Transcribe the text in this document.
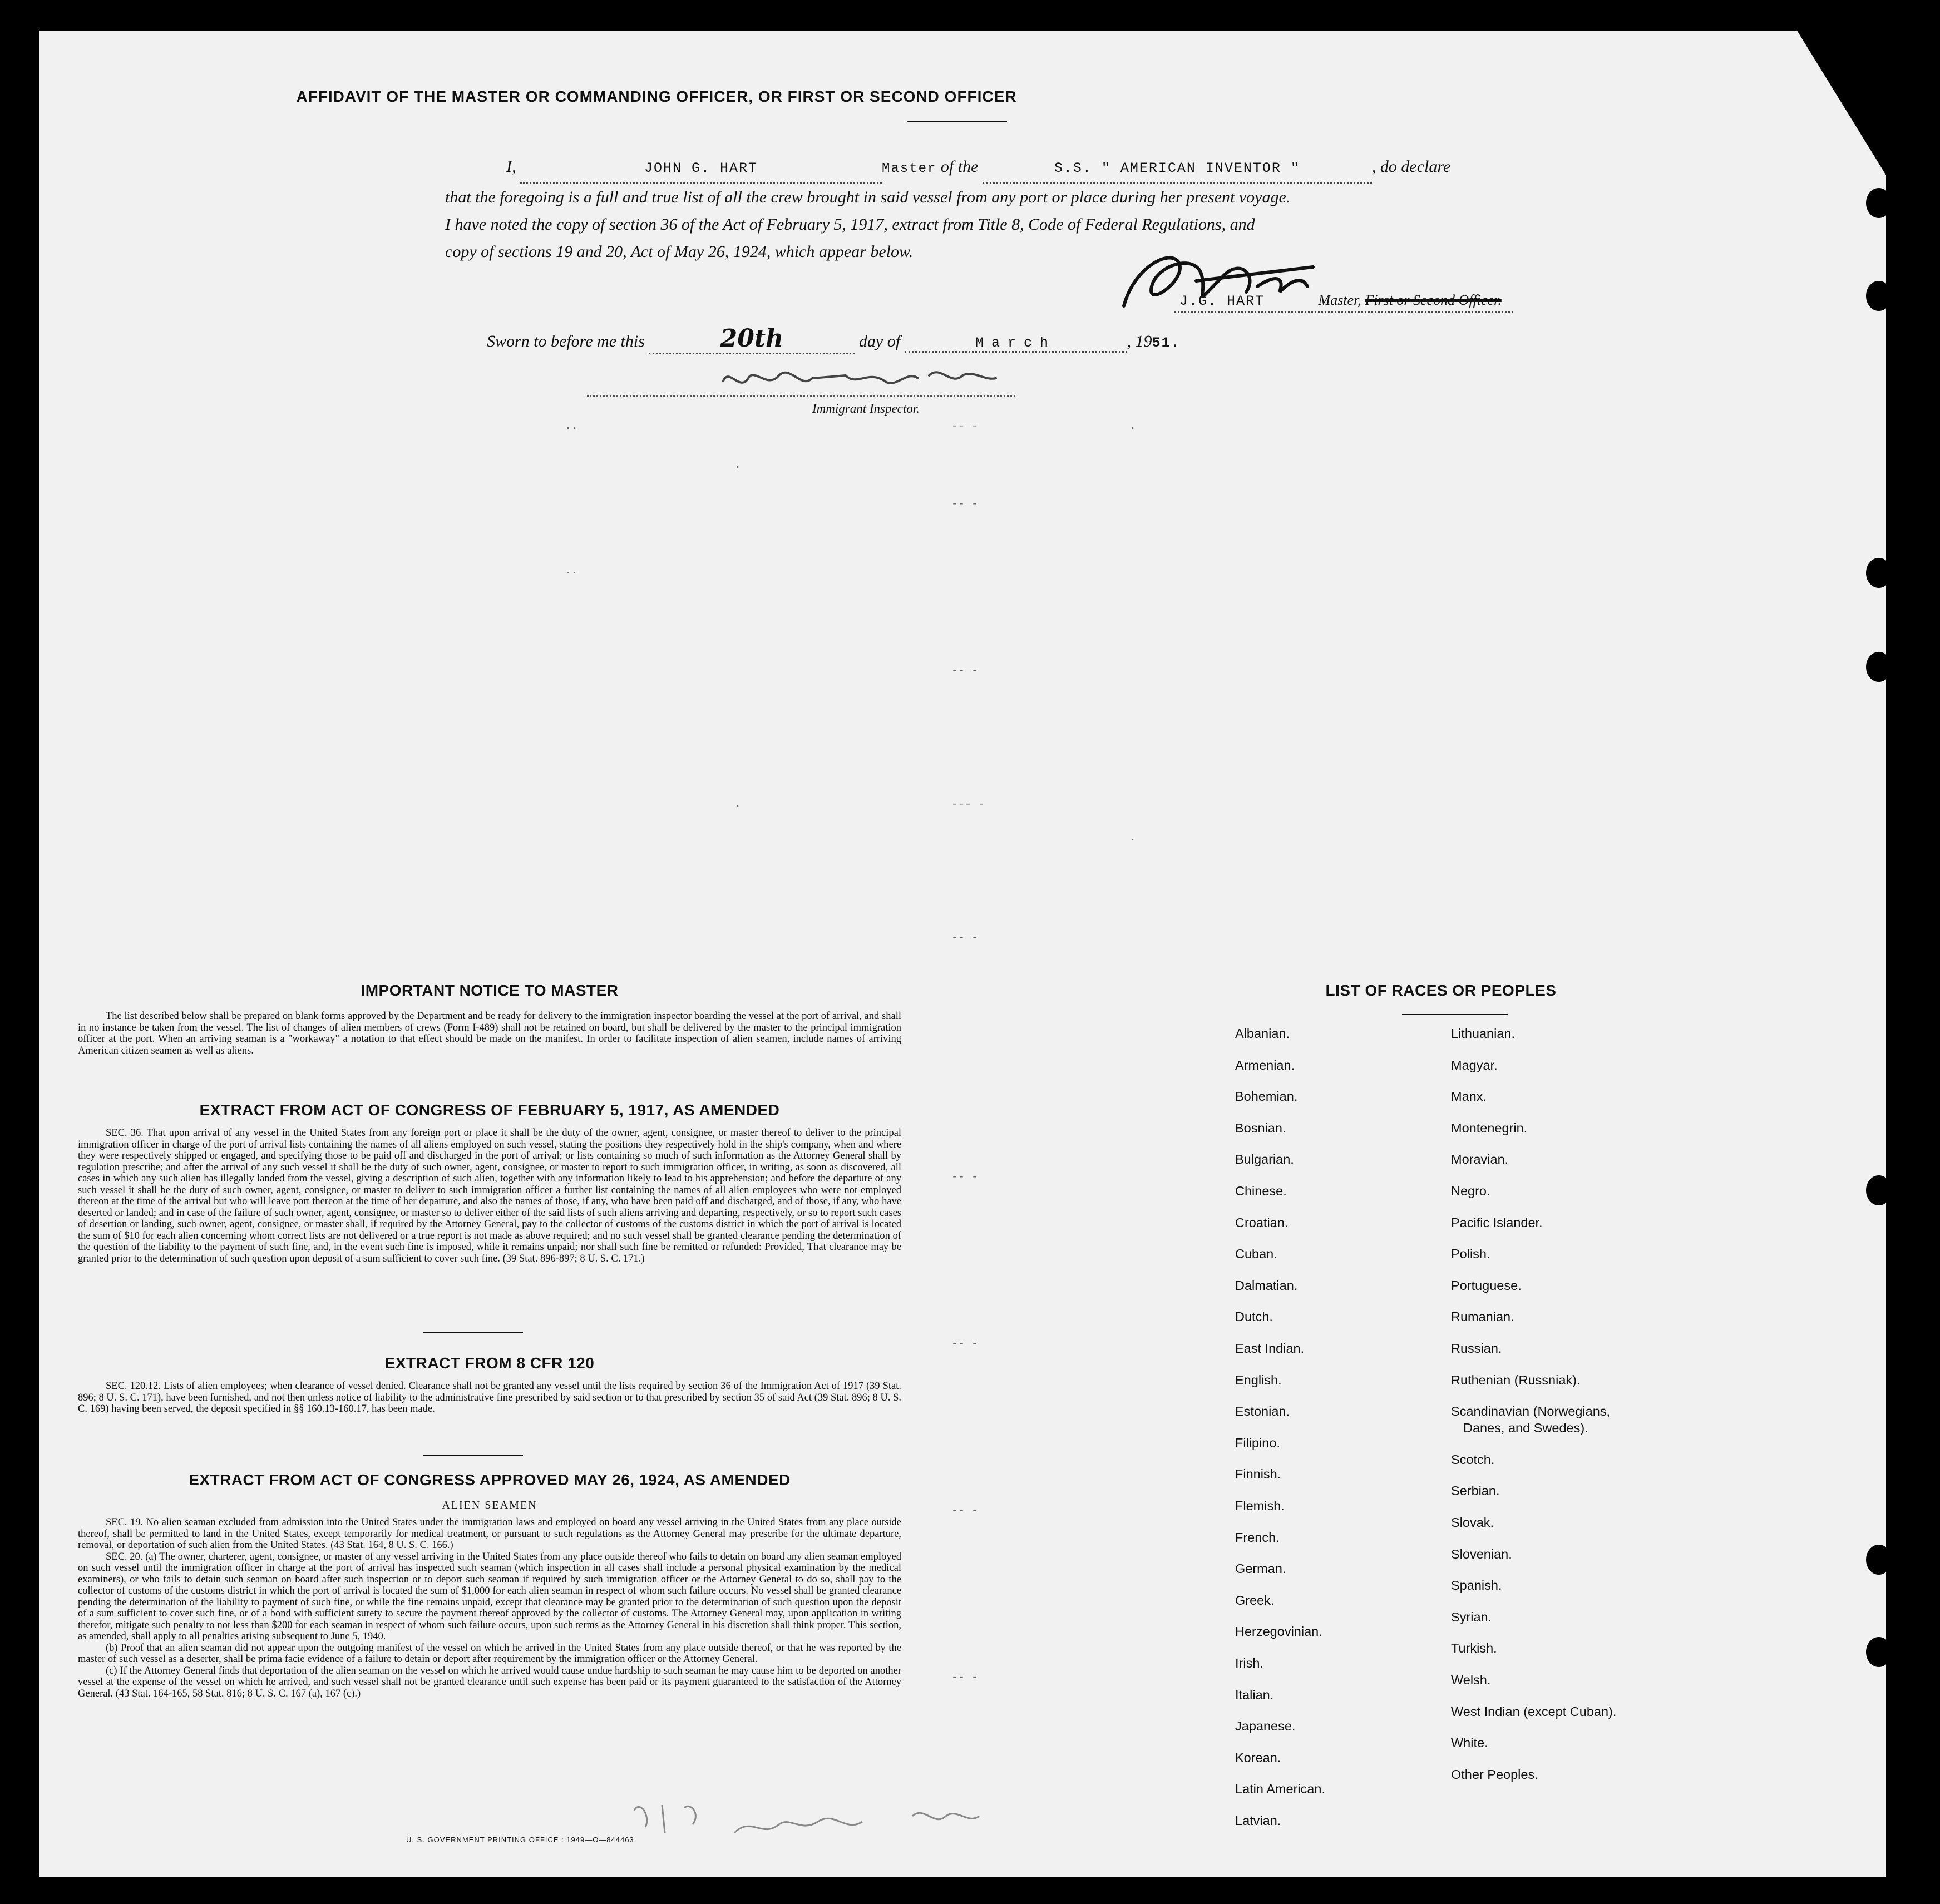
AFFIDAVIT OF THE MASTER OR COMMANDING OFFICER, OR FIRST OR SECOND OFFICER
I,	JOHN G. HART	Master of the	S.S. " AMERICAN INVENTOR "	, do declare
that the foregoing is a full and true list of all the crew brought in said vessel from any port or place during her present voyage.
I have noted the copy of section 36 of the Act of February 5, 1917, extract from Title 8, Code of Federal Regulations, and
copy of sections 19 and 20, Act of May 26, 1924, which appear below.
J.G. HART	Master, First or Second Officer.
Sworn to before me this	20th	day of	March	, 1951.
Immigrant Inspector.
..	-- -	.
.
-- -
..
-- -
.	--- -
.
-- -
-- -
-- -
-- -
-- -
IMPORTANT NOTICE TO MASTER
The list described below shall be prepared on blank forms approved by the Department and be ready for delivery to the immigration inspector boarding the vessel at the port of arrival, and shall in no instance be taken from the vessel. The list of changes of alien members of crews (Form I-489) shall not be retained on board, but shall be delivered by the master to the principal immigration officer at the port. When an arriving seaman is a "workaway" a notation to that effect should be made on the manifest. In order to facilitate inspection of alien seamen, include names of arriving American citizen seamen as well as aliens.
EXTRACT FROM ACT OF CONGRESS OF FEBRUARY 5, 1917, AS AMENDED
SEC. 36. That upon arrival of any vessel in the United States from any foreign port or place it shall be the duty of the owner, agent, consignee, or master thereof to deliver to the principal immigration officer in charge of the port of arrival lists containing the names of all aliens employed on such vessel, stating the positions they respectively hold in the ship's company, when and where they were respectively shipped or engaged, and specifying those to be paid off and discharged in the port of arrival; or lists containing so much of such information as the Attorney General shall by regulation prescribe; and after the arrival of any such vessel it shall be the duty of such owner, agent, consignee, or master to report to such immigration officer, in writing, as soon as discovered, all cases in which any such alien has illegally landed from the vessel, giving a description of such alien, together with any information likely to lead to his apprehension; and before the departure of any such vessel it shall be the duty of such owner, agent, consignee, or master to deliver to such immigration officer a further list containing the names of all alien employees who were not employed thereon at the time of the arrival but who will leave port thereon at the time of her departure, and also the names of those, if any, who have been paid off and discharged, and of those, if any, who have deserted or landed; and in case of the failure of such owner, agent, consignee, or master so to deliver either of the said lists of such aliens arriving and departing, respectively, or so to report such cases of desertion or landing, such owner, agent, consignee, or master shall, if required by the Attorney General, pay to the collector of customs of the customs district in which the port of arrival is located the sum of $10 for each alien concerning whom correct lists are not delivered or a true report is not made as above required; and no such vessel shall be granted clearance pending the determination of the question of the liability to the payment of such fine, and, in the event such fine is imposed, while it remains unpaid; nor shall such fine be remitted or refunded: Provided, That clearance may be granted prior to the determination of such question upon deposit of a sum sufficient to cover such fine. (39 Stat. 896-897; 8 U. S. C. 171.)
EXTRACT FROM 8 CFR 120
SEC. 120.12. Lists of alien employees; when clearance of vessel denied. Clearance shall not be granted any vessel until the lists required by section 36 of the Immigration Act of 1917 (39 Stat. 896; 8 U. S. C. 171), have been furnished, and not then unless notice of liability to the administrative fine prescribed by said section or to that prescribed by section 35 of said Act (39 Stat. 896; 8 U. S. C. 169) having been served, the deposit specified in §§ 160.13-160.17, has been made.
EXTRACT FROM ACT OF CONGRESS APPROVED MAY 26, 1924, AS AMENDED
ALIEN SEAMEN
SEC. 19. No alien seaman excluded from admission into the United States under the immigration laws and employed on board any vessel arriving in the United States from any place outside thereof, shall be permitted to land in the United States, except temporarily for medical treatment, or pursuant to such regulations as the Attorney General may prescribe for the ultimate departure, removal, or deportation of such alien from the United States. (43 Stat. 164, 8 U. S. C. 166.)
SEC. 20. (a) The owner, charterer, agent, consignee, or master of any vessel arriving in the United States from any place outside thereof who fails to detain on board any alien seaman employed on such vessel until the immigration officer in charge at the port of arrival has inspected such seaman (which inspection in all cases shall include a personal physical examination by the medical examiners), or who fails to detain such seaman on board after such inspection or to deport such seaman if required by such immigration officer or the Attorney General to do so, shall pay to the collector of customs of the customs district in which the port of arrival is located the sum of $1,000 for each alien seaman in respect of whom such failure occurs. No vessel shall be granted clearance pending the determination of the liability to payment of such fine, or while the fine remains unpaid, except that clearance may be granted prior to the determination of such question upon the deposit of a sum sufficient to cover such fine, or of a bond with sufficient surety to secure the payment thereof approved by the collector of customs. The Attorney General may, upon application in writing therefor, mitigate such penalty to not less than $200 for each seaman in respect of whom such failure occurs, upon such terms as the Attorney General in his discretion shall think proper. This section, as amended, shall apply to all penalties arising subsequent to June 5, 1940.
(b) Proof that an alien seaman did not appear upon the outgoing manifest of the vessel on which he arrived in the United States from any place outside thereof, or that he was reported by the master of such vessel as a deserter, shall be prima facie evidence of a failure to detain or deport after requirement by the immigration officer or the Attorney General.
(c) If the Attorney General finds that deportation of the alien seaman on the vessel on which he arrived would cause undue hardship to such seaman he may cause him to be deported on another vessel at the expense of the vessel on which he arrived, and such vessel shall not be granted clearance until such expense has been paid or its payment guaranteed to the satisfaction of the Attorney General. (43 Stat. 164-165, 58 Stat. 816; 8 U. S. C. 167 (a), 167 (c).)
U. S. GOVERNMENT PRINTING OFFICE : 1949—O—844463
LIST OF RACES OR PEOPLES
Albanian.
Armenian.
Bohemian.
Bosnian.
Bulgarian.
Chinese.
Croatian.
Cuban.
Dalmatian.
Dutch.
East Indian.
English.
Estonian.
Filipino.
Finnish.
Flemish.
French.
German.
Greek.
Herzegovinian.
Irish.
Italian.
Japanese.
Korean.
Latin American.
Latvian.
Lithuanian.
Magyar.
Manx.
Montenegrin.
Moravian.
Negro.
Pacific Islander.
Polish.
Portuguese.
Rumanian.
Russian.
Ruthenian (Russniak).
Scandinavian (Norwegians,
Danes, and Swedes).
Scotch.
Serbian.
Slovak.
Slovenian.
Spanish.
Syrian.
Turkish.
Welsh.
West Indian (except Cuban).
White.
Other Peoples.
